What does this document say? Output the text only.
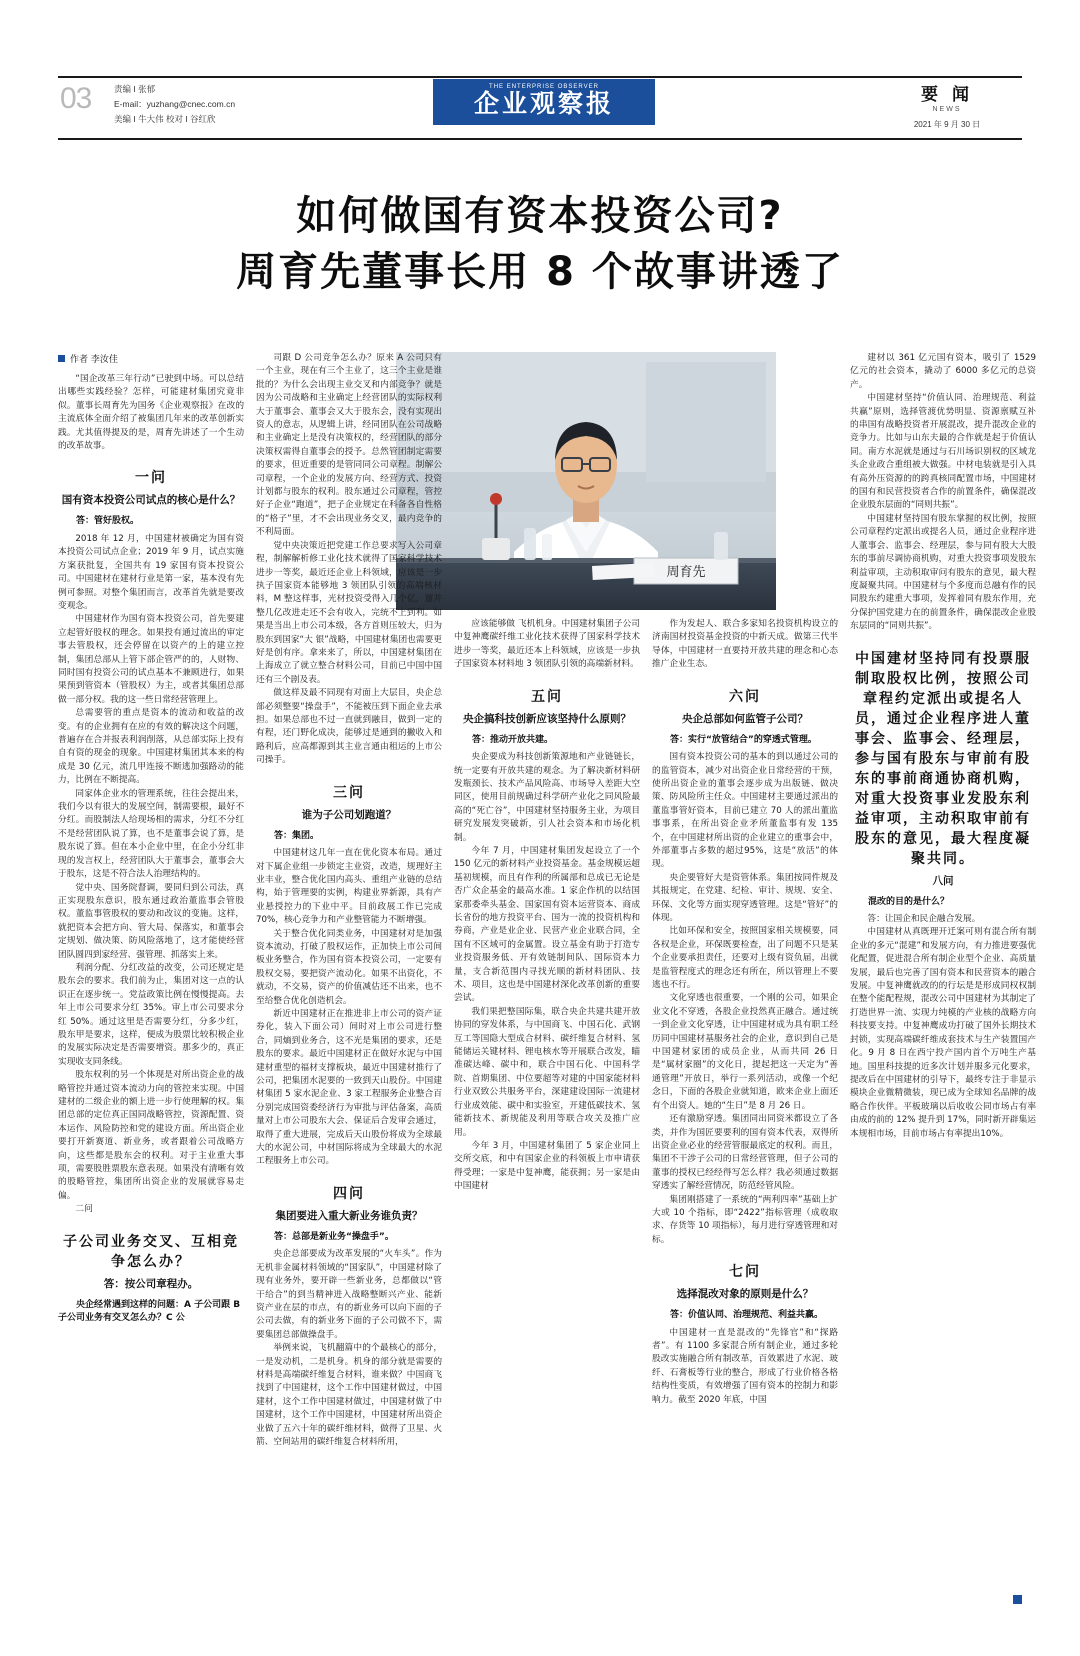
03	责编 I 张郁
E-mail：yuzhang@cnec.com.cn
美编 I 牛大伟 校对 I 谷红欣
THE ENTERPRISE OBSERVER
企业观察报	要 闻
NEWS
2021 年 9 月 30 日
如何做国有资本投资公司?
周育先董事长用 8 个故事讲透了
周育先
作者 李汝佳

“国企改革三年行动”已驶到中场。可以总结出哪些实践经验？怎样，可能建材集团究竟非似。董事长周育先为国务《企业观察报》在改的主流底体全面介绍了被集团几年来的改革创新实践。尤其值得提及的是，周育先讲述了一个生动的改革故事。

一问
国有资本投资公司试点的核心是什么？
答：管好股权。

2018 年 12 月，中国建材被确定为国有资本投资公司试点企业；2019 年 9 月，试点实施方案获批复，全国共有 19 家国有资本投资公司。中国建材在建材行业是第一家，基本没有先例可参照。对整个集团而言，改革首先就是要改变观念。

中国建材作为国有资本投资公司，首先要建立起管好股权的理念。如果投有通过流出的审定事去管股权，还会停留在以资产的上的建立控制，集团总部从上管下部企管严的的，人财物、同时国有投资公司的试点基本不兼顾进行，如果果预到管资本（管股权）为主，或者其集团总部做一部分权。我的这一些日常经营管理上。

总需要管的重点是资本的流动和收益的改变。有的企业拥有在应的有效的解决这个问题，普遍存在合并报表利润削落，从总部实际上投有自有资的现金的现象。中国建材集团其本来的构成是 30 亿元，流几甲连接不断逃加强路动的能力，比例在不断提高。

同家体企业水的管理系统，往往会提出来，我们今以有很大的发展空间，制需要根，最好不分红。而股制法人给现场相的需求，分红不分红不是经营团队说了算，也不是董事会说了算，是股东说了算。但在本小企业中里，在企小分红非现的发言权上，经营团队大于董事会，董事会大于股东，这是不符合法人治理结构的。

觉中央、国务院督调，要同归到公司法，真正实现股东意识，股东通过政治董监事会管股权。董监事管股权的要动和改议的变施。这样，就把资本会把方向、管大局、保落实，和董事会定规划、做决策、防风险落地了，这才能使经营团队圆四到家经营、强管理、抓落实上来。

利润分配、分红改益的改变，公司还规定是股东会的要求。我们前为止，集团对这一点的认识正在逐步统一。党益政策比例在慢慢提高。去年上市公司要求分红 35%。审上市公司要求分红 50%。通过这里是否需要分红，分多少红，股东甲是要求，这样，便成为股票比较积极企业的发展实际决定是否需要增资。那多少的，真正实现收支同条线。

股东权利的另一个体现是对所出资企业的战略管控并通过资本流动力向的管控来实现。中国建材的二级企业的额上进一步行使理解的权。集团总部的定位真正国同战略管控，资源配置、资本运作、风险防控和党的建设方面。所出资企业要打开新赛道、新业务，或者跟着公司战略方向，这些都是股东会的权利。对于主业重大事项，需要股胜票股东意表现。如果没有清晰有效的股略管控，集团所出资企业的发展就容易走偏。

二问

子公司业务交叉、互相竞争怎么办？
答：按公司章程办。
央企经常遇到这样的问题：A 子公司跟 B 子公司业务有交叉怎么办？C 公

司跟 D 公司竞争怎么办？原来 A 公司只有一个主业，现在有三个主业了，这三个主业是谁批的？为什么会出现主业交叉和内部竞争？就是因为公司战略和主业确定上经营团队的实际权利大于董事会、董事会又大于股东会，没有实现出资人的意志，从逻辑上讲，经同团队在公司战略和主业确定上是没有决策权的，经营团队的部分决策权需得自董事会的授予。总然管团制定需要的要求，但近重要的是管同同公司章程。制解公司章程，一个企业的发展方向、经营方式、投资计划都与股东的权利。股东通过公司章程，管控好子企业“跑道”，把子企业规定在科备各自性格的“格子”里，才不会出现业务交叉，最内竞争的不利局面。

觉中央决策近把党建工作总要求写入公司章程，制解解析修工业化技术就得了国家科学技术进步一等奖，最近还企业上科领域，应该是一步执子国家资本能够地 3 领团队引领的高端核材料，M 整这样事，光材投资受得入几个亿，遛并整几亿改进走还不会有收入，完统不上到利。如果是当出上市公司本级，各方首则压较大，归为股东到国家“大 银”战略，中国建材集团也需要更好是创有序。拿来来了，所以，中国建材集团在上海成立了就立整合材料公司，目前已中国中国还有三个剧及表。

做这样及最不同现有对面上大层目，央企总部必须整要“操盘手”，不能被压到下面企业去承担。如果总部也不过一直就到融目，做到一定的有程，还门野化成决，能够过是通到的撇收入和路利后，应高都源到其主业言通由租运的上市公司操手。

三问
谁为子公司划跑道？
答：集团。

中国建材这几年一直在优化资本布局。通过对下属企业组一步锁定主业资，改造，规理好主业丰业，整合优化国内高头、重组产业链的总结构，始于管理要的实例，构建业界新源，具有产业悬授控力的下业中平。目前政展工作已完成70%，核心竞争力和产业整管能力不断增强。

关于整合优化同类业务，中国建材对是加强资本流动，打破了股权运作，正加快上市公司间板业务整合，作为国有资本投资公司，一定要有股权交易，要把资产流动化。如果不出资化，不就动，不交易，资产的价值减估还不出来，也不至给整合优化创造机会。

新近中国建材正在推进非上市公司的资产证券化，装入下面公司）间时对上市公司进行整合，同熵到业务合，这不光是集团的要求，还是股东的要求。最近中国建材正在做好水泥与中国建材重型的福材支撑板块，最近中国建材推行了公司，把集团水泥要的一致到天山股份。中国建材集团 5 家水泥企业、3 家工程服务企业整合百分别完成国资委经济行为审批与评估备案，高质量对上市公司股东大会、保证后合发审会通过，取得了重大进展，完成后天山股份将成为全球最大的水泥公司，中材国际将成为全球最大的水泥工程服务上市公司。

四问
集团要进入重大新业务谁负责？
答：总部是新业务“操盘手”。

央企总部要成为改革发展的“火车头”。作为无机非金属材料领域的“国家队”，中国建材除了现有业务外，要开辟一些新业务，总都做以“管干给合”的到当精神进入战略整断兴产业、能新资产业在层的市点，有的新业务可以向下面的子公司去做，有的新业务下面的子公司做不下，需要集团总部做操盘手。

举例来说，飞机翻篇中的个最核心的部分，一是发动机，二是机身。机身的部分就是需要的材料是高端碳纤维复合材料，谁来做？中国商飞找到了中国建材，这个工作中国建材做过，中国建材，这个工作中国建材做过，中国建材做了中国建材，这个工作中国建材，中国建材所出资企业做了五六十年的碳纤维材料，做得了卫星、火箭、空间站用的碳纤维复合材料所用，

应该能够做 飞机机身。中国建材集团子公司中复神鹰碳纤维工业化技术获得了国家科学技术进步一等奖，最近还本上科领域，应该是一步执子国家资本材料地 3 领团队引领的高端新材料。

五问
央企搞科技创新应该坚持什么原则？
答：推动开放共建。

央企要成为科技创新策源地和产业链链长，统一定要有开放共建的观念。为了解决新材料研发瓶颈长、技术产品风险高、市场导入差距大空同区，使用目前规确过科学研产业化之同风险最高的“死亡谷”，中国建材坚持服务主业，为项目研究发展发突破新，引人社会资本和市场化机制。

今年 7 月，中国建材集团发起设立了一个 150 亿元的新材料产业投资基金。基金规模运超基初规模，而且有作利的所属部和总成已无论是否广众企基金的最高水准。1 家企作机的以结国家那委牵头基金、国家国有资本运营资本、商成长省份的地方投资平台、国为一流的投资机构和券商，产业是业企业、民营产业企业联合同，全国有不区域可的金属置。设立基金有助于打造专业投资服务低、开有效链制间队、国际资本力量，支合新范围内寻找光顺的新材料团队、技术、项目，这也是中国建材深化改革创新的重要尝试。

我们果把整国际集，联合央企共建共建开放协同的穿发体系，与中国商飞、中国石化、武钢互工等国隐大型成合材料、碳纤维复合材料、氢能储运关键材料、锂电核水等开展联合改发，瞄准碳达峰、碳中和，联合中国石化、中国科学院、首期集团、中位要超等对建的中国家能材料行业双致公共服务平台，深建建设国际一流建材行业成效能、碳中和实验室，开建低碳技术、氢能新技术、新规能及利用等联合攻关及推广应用。

今年 3 月，中国建材集团了 5 家企业同上交所交底，和中有国家企业的科领板上市申请获得受理；一家是中复神鹰，能获拥；另一家是由中国建材

作为发起人、联合多家知名投资机构设立的济南国材投资基金投资的中新天成。做第三代半导体，中国建材一直要持开放共建的理念和心态推广企业生态。

六问
央企总部如何监管子公司？
答：实行“放管结合”的穿透式管理。

国有资本投资公司的基本的到以通过公司的的监管资本，减少对出资企业日常经营的干预，使所出资企业的董事会逐步成为出版链、做决策、防风险所主任众。中国建材主要通过派出的董监事管好资本，目前已建立 70 人的派出董监事事系，在所出资企业矛所董监事有发 135 个，在中国建材所出资的企业建立的重事会中，外部董事占多数的超过95%，这是“放活”的体现。

央企要管好大是资管体系。集团按同件规及其报规定，在党建、纪检、审计、规规、安全、环保、文化等方面实现穿透管理。这是“管好”的体现。

比如环保和安全，按照国家相关规模要，同各权是企业，环保既要检查，出了问题不只是某个企业要承担责任，还要对上级有资负届，出就是监管程度式的理念还有所在，所以管理上不要逃也不行。

文化穿透也很重要，一个刚的公司，如果企业文化不穿透，各股企业投然真正融合。通过统一到企业文化穿透，让中国建材成为具有职工经历同中国建材基服务社会的企业，意识到自己是中国建材家团的成员企业，从而共同 26 日是“属材家圈”的文化日，提起把这一天定为“善通管理”开放日，举行一系列活动，或像一个纪念日，下面的各股企业就知道，欧来企业上面还有个出资人。她的“生日”是 8 月 26 日。

还有激励穿透。集团同出同资米都设立了各类，并作为国匠要要利的国有资本代表，双得所出资企业必业的经营管服最底定的权利。而且，集团不干涉子公司的日常经营管理，但子公司的董事的授权已经经得写怎么样？我必须通过数据穿透实了解经营情况，防范经管风险。

集团刚搭建了一系统的“两利四率”基础上扩大或 10 个指标，即“2422”指标管理（成收取求、存货等 10 项指标），每月进行穿透管理和对标。

七问
选择混改对象的原则是什么？
答：价值认同、治理规范、利益共赢。

中国建材一直是混改的“先锋官”和“探路者”。有 1100 多家混合所有制企业，通过多轮股改实施融合所有制改革，百效累进了水泥、玻纤、石膏板等行业的整合，形成了行业价格各格结构性变质，有效增强了国有资本的控制力和影响力。截至 2020 年底，中国

建材以 361 亿元国有资本，吸引了 1529 亿元的社会资本，撬动了 6000 多亿元的总资产。

中国建材坚持“价值认同、治理规范、利益共赢”原则，选择管渡优势明显、资源禀赋互补的串国有战略投资者开展混改，提升混改企业的竞争力。比如与山东夫最的合作就是起于价值认同。南方水泥就是通过与石川场识别权的区域龙头企业政合重组被大做强。中材电装就是引入具有高外压资源的的跨真核同配置市场，中国建材的国有和民营投资者合作的前置条件，确保混改企业股东层面的“同则共振”。

中国建材坚持国有股东掌握的权比例，按照公司章程约定派出或提名人员，通过企业程序进人董事会、监事会、经理层，参与同有股大大股东的事前尽调协商机购，对重大投资事项发股东利益审项，主动积取审问有股东的意见，最大程度凝聚共同。中国建材与个多度而总融有作的民同股东约建重大事项，发挥着同有股东作用，充分保护国党建力在的前置条件，确保混改企业股东层同的“同则共振”。

中国建材坚持同有投票服制取股权比例，按照公司章程约定派出或提名人员，通过企业程序进人董事会、监事会、经理层，参与国有股东与审前有股东的事前商通协商机购，对重大投资事业发股东利益审项，主动积取审前有股东的意见，最大程度凝聚共同。
八问
混改的目的是什么？

答：让国企和民企融合发展。

中国建材从真既理开迁案可则有混合所有制企业的多元“混建”和发展方向，有力推进要强优化配置，促进混合所有制企业型个企业、高质量发展，最后也完善了国有资本和民营资本的融合发展。中复神鹰就改的的行坛是是形成同权权制在整个能配程规，混改公司中国建材为其制定了打造世界一流、实现力纯模的产业核的战略方向科技要支持。中复神鹰成功打破了国外长期技术封锁，实现高端碳纤维成套技术与生产装置国产化。9 月 8 日在西宁投产国内首个万吨生产基地。国里科技提的近多次计划并服多元化要求，提改后在中国建材的引导下，最终专注于非显示模块企业微精微装，现已成为全球知名品牌的战略合作伙伴。平板玻璃以后收收公同市场占有率由成的前的 12% 提升到 17%，同时新开辟集运本规相市场，目前市场占有率提出10%。
